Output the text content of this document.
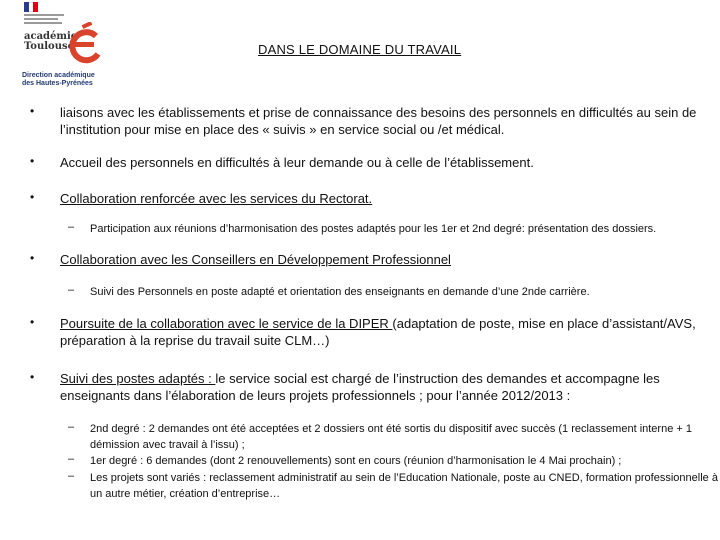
académie
Toulouse
Direction académique
des Hautes-Pyrénées
DANS LE DOMAINE DU TRAVAIL
• liaisons avec les établissements et prise de connaissance des besoins des personnels en difficultés au sein de l’institution pour mise en place des « suivis » en service social ou /et médical.
• Accueil des personnels en difficultés à leur demande ou à celle de l’établissement.
• Collaboration renforcée avec les services du Rectorat.
– Participation aux réunions d’harmonisation des postes adaptés pour les 1er et 2nd degré: présentation des dossiers.
• Collaboration avec les Conseillers en Développement Professionnel
– Suivi des Personnels en poste adapté et orientation des enseignants en demande d’une 2nde carrière.
• Poursuite de la collaboration avec le service de la DIPER (adaptation de poste, mise en place d’assistant/AVS, préparation à la reprise du travail suite CLM…)
• Suivi des postes adaptés : le service social est chargé de l’instruction des demandes et accompagne les enseignants dans l’élaboration de leurs projets professionnels ; pour l’année 2012/2013 :
– 2nd degré : 2 demandes ont été acceptées et 2 dossiers ont été sortis du dispositif avec succès (1 reclassement interne + 1 démission avec travail à l’issu) ;
– 1er degré : 6 demandes (dont 2 renouvellements) sont en cours (réunion d’harmonisation le 4 Mai prochain) ;
– Les projets sont variés : reclassement administratif au sein de l’Education Nationale, poste au CNED, formation professionnelle à un autre métier, création d’entreprise…
